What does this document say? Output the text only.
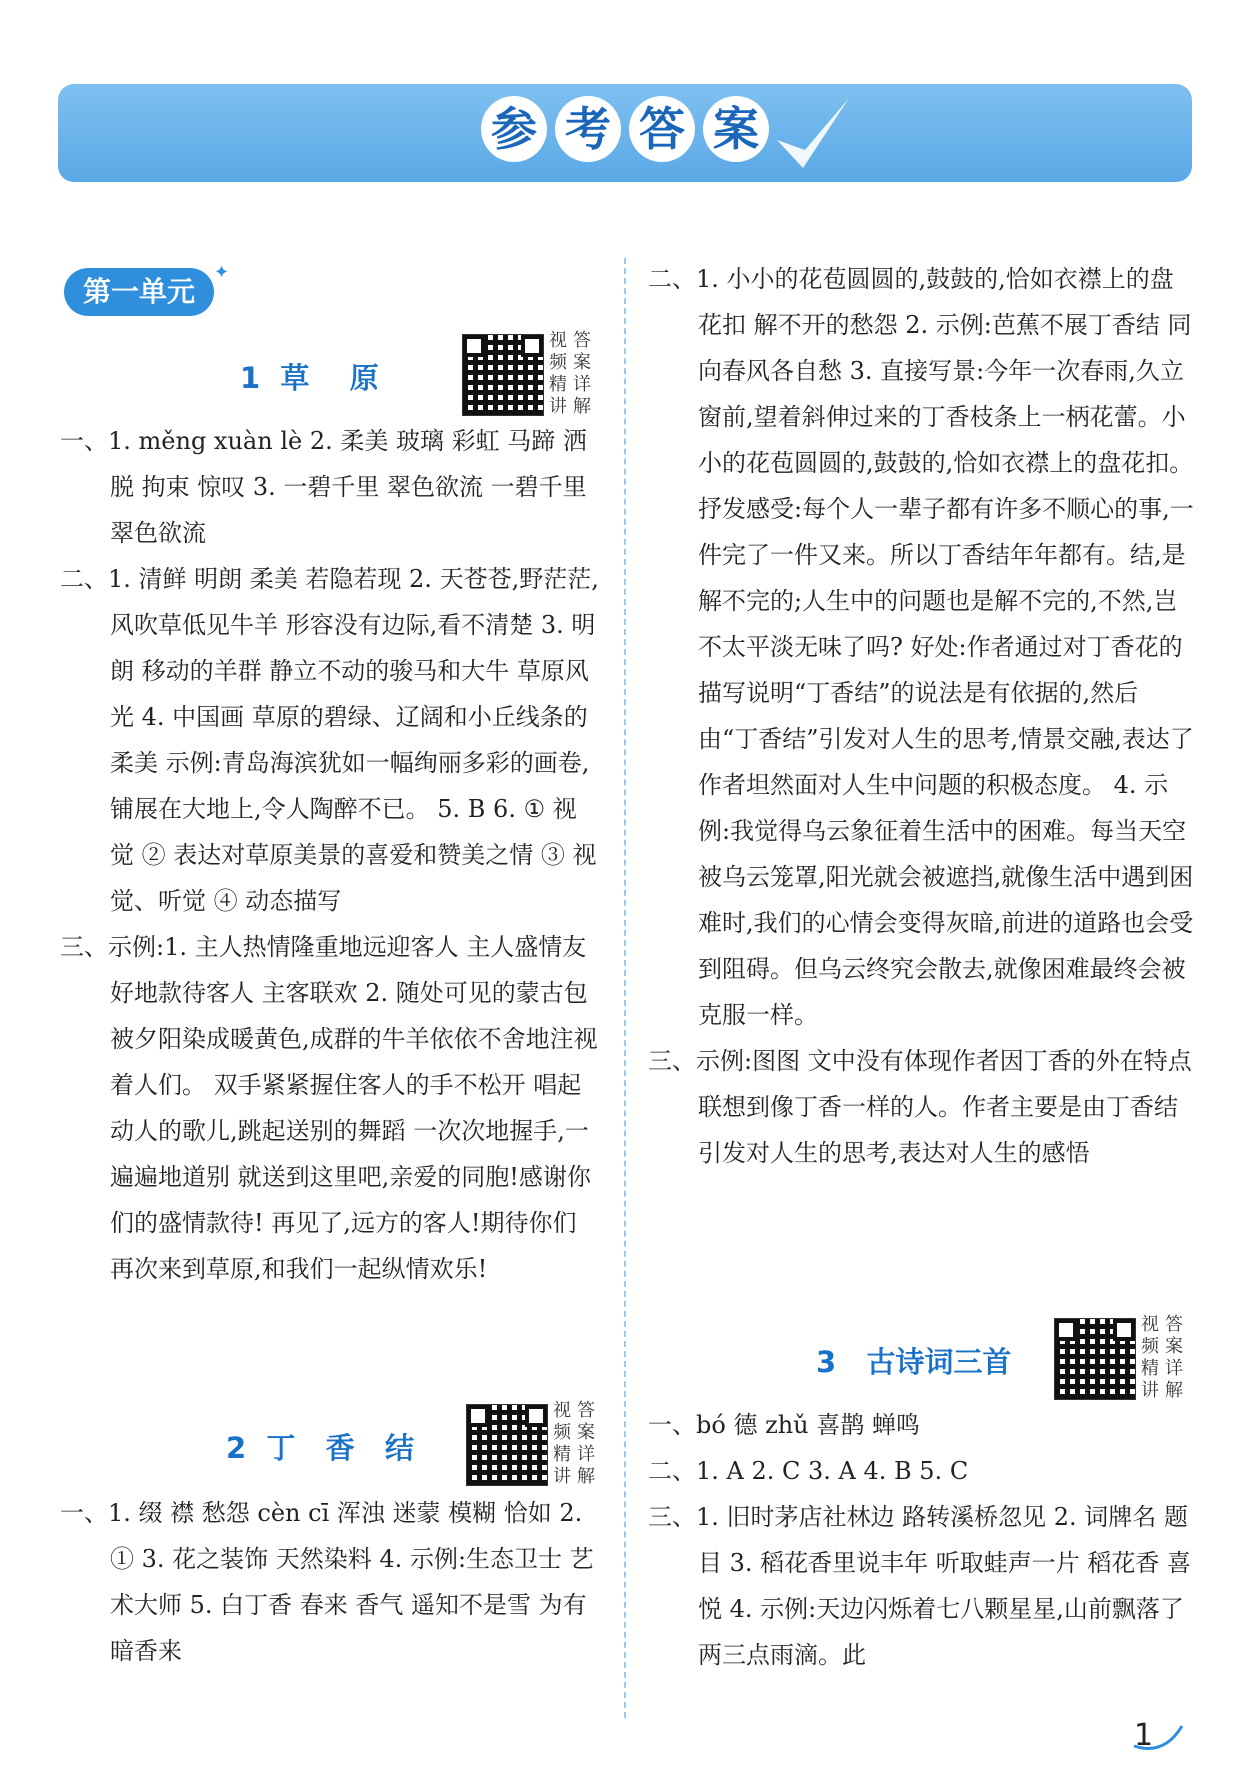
参 考 答 案
第一单元
✦
1  草    原
视 答
频 案
精 详
讲 解
一、1. měng xuàn lè 2. 柔美 玻璃 彩虹 马蹄 洒脱 拘束 惊叹 3. 一碧千里 翠色欲流 一碧千里 翠色欲流
二、1. 清鲜 明朗 柔美 若隐若现 2. 天苍苍,野茫茫,风吹草低见牛羊 形容没有边际,看不清楚 3. 明朗 移动的羊群 静立不动的骏马和大牛 草原风光 4. 中国画 草原的碧绿、辽阔和小丘线条的柔美 示例:青岛海滨犹如一幅绚丽多彩的画卷,铺展在大地上,令人陶醉不已。 5. B 6. ① 视觉 ② 表达对草原美景的喜爱和赞美之情 ③ 视觉、听觉 ④ 动态描写
三、示例:1. 主人热情隆重地远迎客人 主人盛情友好地款待客人 主客联欢 2. 随处可见的蒙古包被夕阳染成暖黄色,成群的牛羊依依不舍地注视着人们。 双手紧紧握住客人的手不松开 唱起动人的歌儿,跳起送别的舞蹈 一次次地握手,一遍遍地道别 就送到这里吧,亲爱的同胞!感谢你们的盛情款待! 再见了,远方的客人!期待你们再次来到草原,和我们一起纵情欢乐!
2  丁   香   结
视 答
频 案
精 详
讲 解
一、1. 缀 襟 愁怨 cèn cī 浑浊 迷蒙 模糊 恰如 2. ① 3. 花之装饰 天然染料 4. 示例:生态卫士 艺术大师 5. 白丁香 春来 香气 遥知不是雪 为有暗香来
二、1. 小小的花苞圆圆的,鼓鼓的,恰如衣襟上的盘花扣 解不开的愁怨 2. 示例:芭蕉不展丁香结 同向春风各自愁 3. 直接写景:今年一次春雨,久立窗前,望着斜伸过来的丁香枝条上一柄花蕾。小小的花苞圆圆的,鼓鼓的,恰如衣襟上的盘花扣。 抒发感受:每个人一辈子都有许多不顺心的事,一件完了一件又来。所以丁香结年年都有。结,是解不完的;人生中的问题也是解不完的,不然,岂不太平淡无味了吗? 好处:作者通过对丁香花的描写说明“丁香结”的说法是有依据的,然后由“丁香结”引发对人生的思考,情景交融,表达了作者坦然面对人生中问题的积极态度。 4. 示例:我觉得乌云象征着生活中的困难。每当天空被乌云笼罩,阳光就会被遮挡,就像生活中遇到困难时,我们的心情会变得灰暗,前进的道路也会受到阻碍。但乌云终究会散去,就像困难最终会被克服一样。
三、示例:图图 文中没有体现作者因丁香的外在特点联想到像丁香一样的人。作者主要是由丁香结引发对人生的思考,表达对人生的感悟
3   古诗词三首
视 答
频 案
精 详
讲 解
一、bó 德 zhǔ 喜鹊 蝉鸣
二、1. A 2. C 3. A 4. B 5. C
三、1. 旧时茅店社林边 路转溪桥忽见 2. 词牌名 题目 3. 稻花香里说丰年 听取蛙声一片 稻花香 喜悦 4. 示例:天边闪烁着七八颗星星,山前飘落了两三点雨滴。此
1
